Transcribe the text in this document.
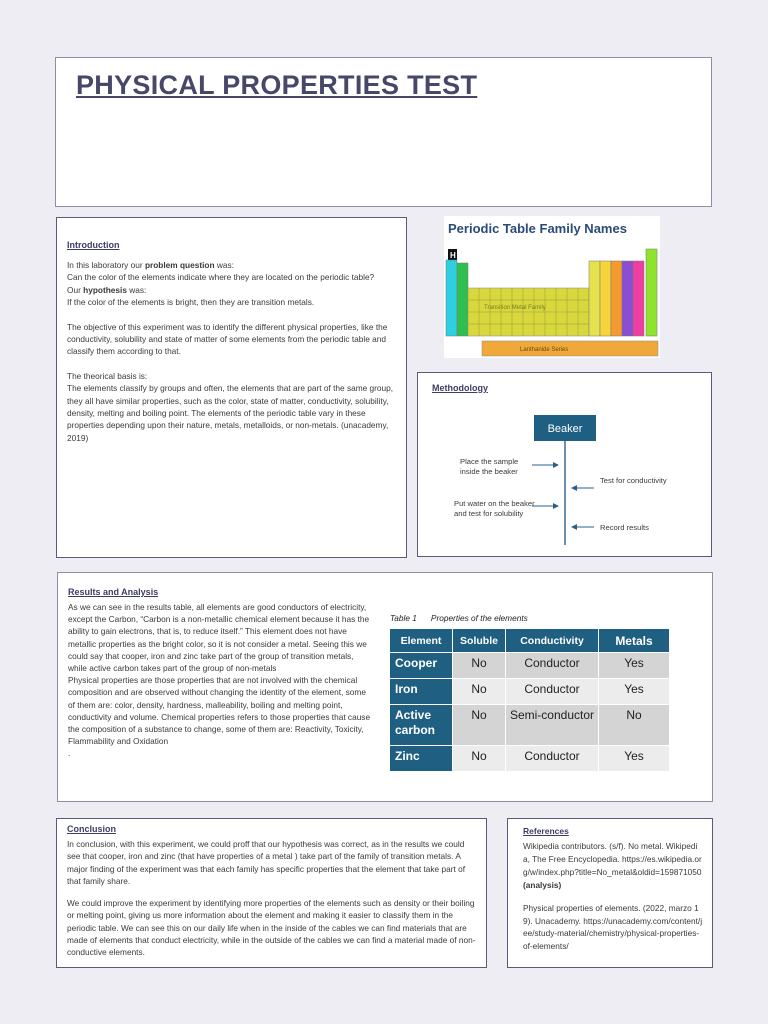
PHYSICAL PROPERTIES TEST
Introduction

In this laboratory our problem question was:

Can the color of the elements indicate where they are located on the periodic table?

Our hypothesis was:

If the color of the elements is bright, then they are transition metals.

The objective of this experiment was to identify the different physical properties, like the conductivity, solubility and state of matter of some elements from the periodic table and classify them according to that.

The theorical basis is:

The elements classify by groups and often, the elements that are part of the same group, they all have similar properties, such as the color, state of matter, conductivity, solubility, density, melting and boiling point. The elements of the periodic table vary in these properties depending upon their nature, metals, metalloids, or non-metals. (unacademy, 2019)

Periodic Table Family Names
H
Transition Metal Family
Lanthanide Series
Methodology
Beaker
Place the sample inside the beaker
Test for conductivity
Put water on the beaker and test for solubility
Record results
Results and Analysis

As we can see in the results table, all elements are good conductors of electricity, except the Carbon, “Carbon is a non-metallic chemical element because it has the ability to gain electrons, that is, to reduce itself.” This element does not have metallic properties as the bright color, so it is not consider a metal. Seeing this we could say that cooper, iron and zinc take part of the group of transition metals, while active carbon takes part of the group of non-metals

Physical properties are those properties that are not involved with the chemical composition and are observed without changing the identity of the element, some of them are: color, density, hardness, malleability, boiling and melting point, conductivity and volume. Chemical properties refers to those properties that cause the composition of a substance to change, some of them are: Reactivity, Toxicity, Flammability and Oxidation

.

Table 1 Properties of the elements
Element	Soluble	Conductivity	Metals
Cooper	No	Conductor	Yes
Iron	No	Conductor	Yes
Active carbon	No	Semi-conductor	No
Zinc	No	Conductor	Yes
Conclusion

In conclusion, with this experiment, we could proff that our hypothesis was correct, as in the results we could see that cooper, iron and zinc (that have properties of a metal ) take part of the family of transition metals. A major finding of the experiment was that each family has specific properties that the element that take part of that family share.

We could improve the experiment by identifying more properties of the elements such as density or their boiling or melting point, giving us more information about the element and making it easier to classify them in the periodic table. We can see this on our daily life when in the inside of the cables we can find materials that are made of elements that conduct electricity, while in the outside of the cables we can find a material made of non-conductive elements.

References

Wikipedia contributors. (s/f). No metal. Wikipedia, The Free Encyclopedia. https://es.wikipedia.org/w/index.php?title=No_metal&oldid=159871050 (analysis)

Physical properties of elements. (2022, marzo 19). Unacademy. https://unacademy.com/content/jee/study-material/chemistry/physical-properties-of-elements/
